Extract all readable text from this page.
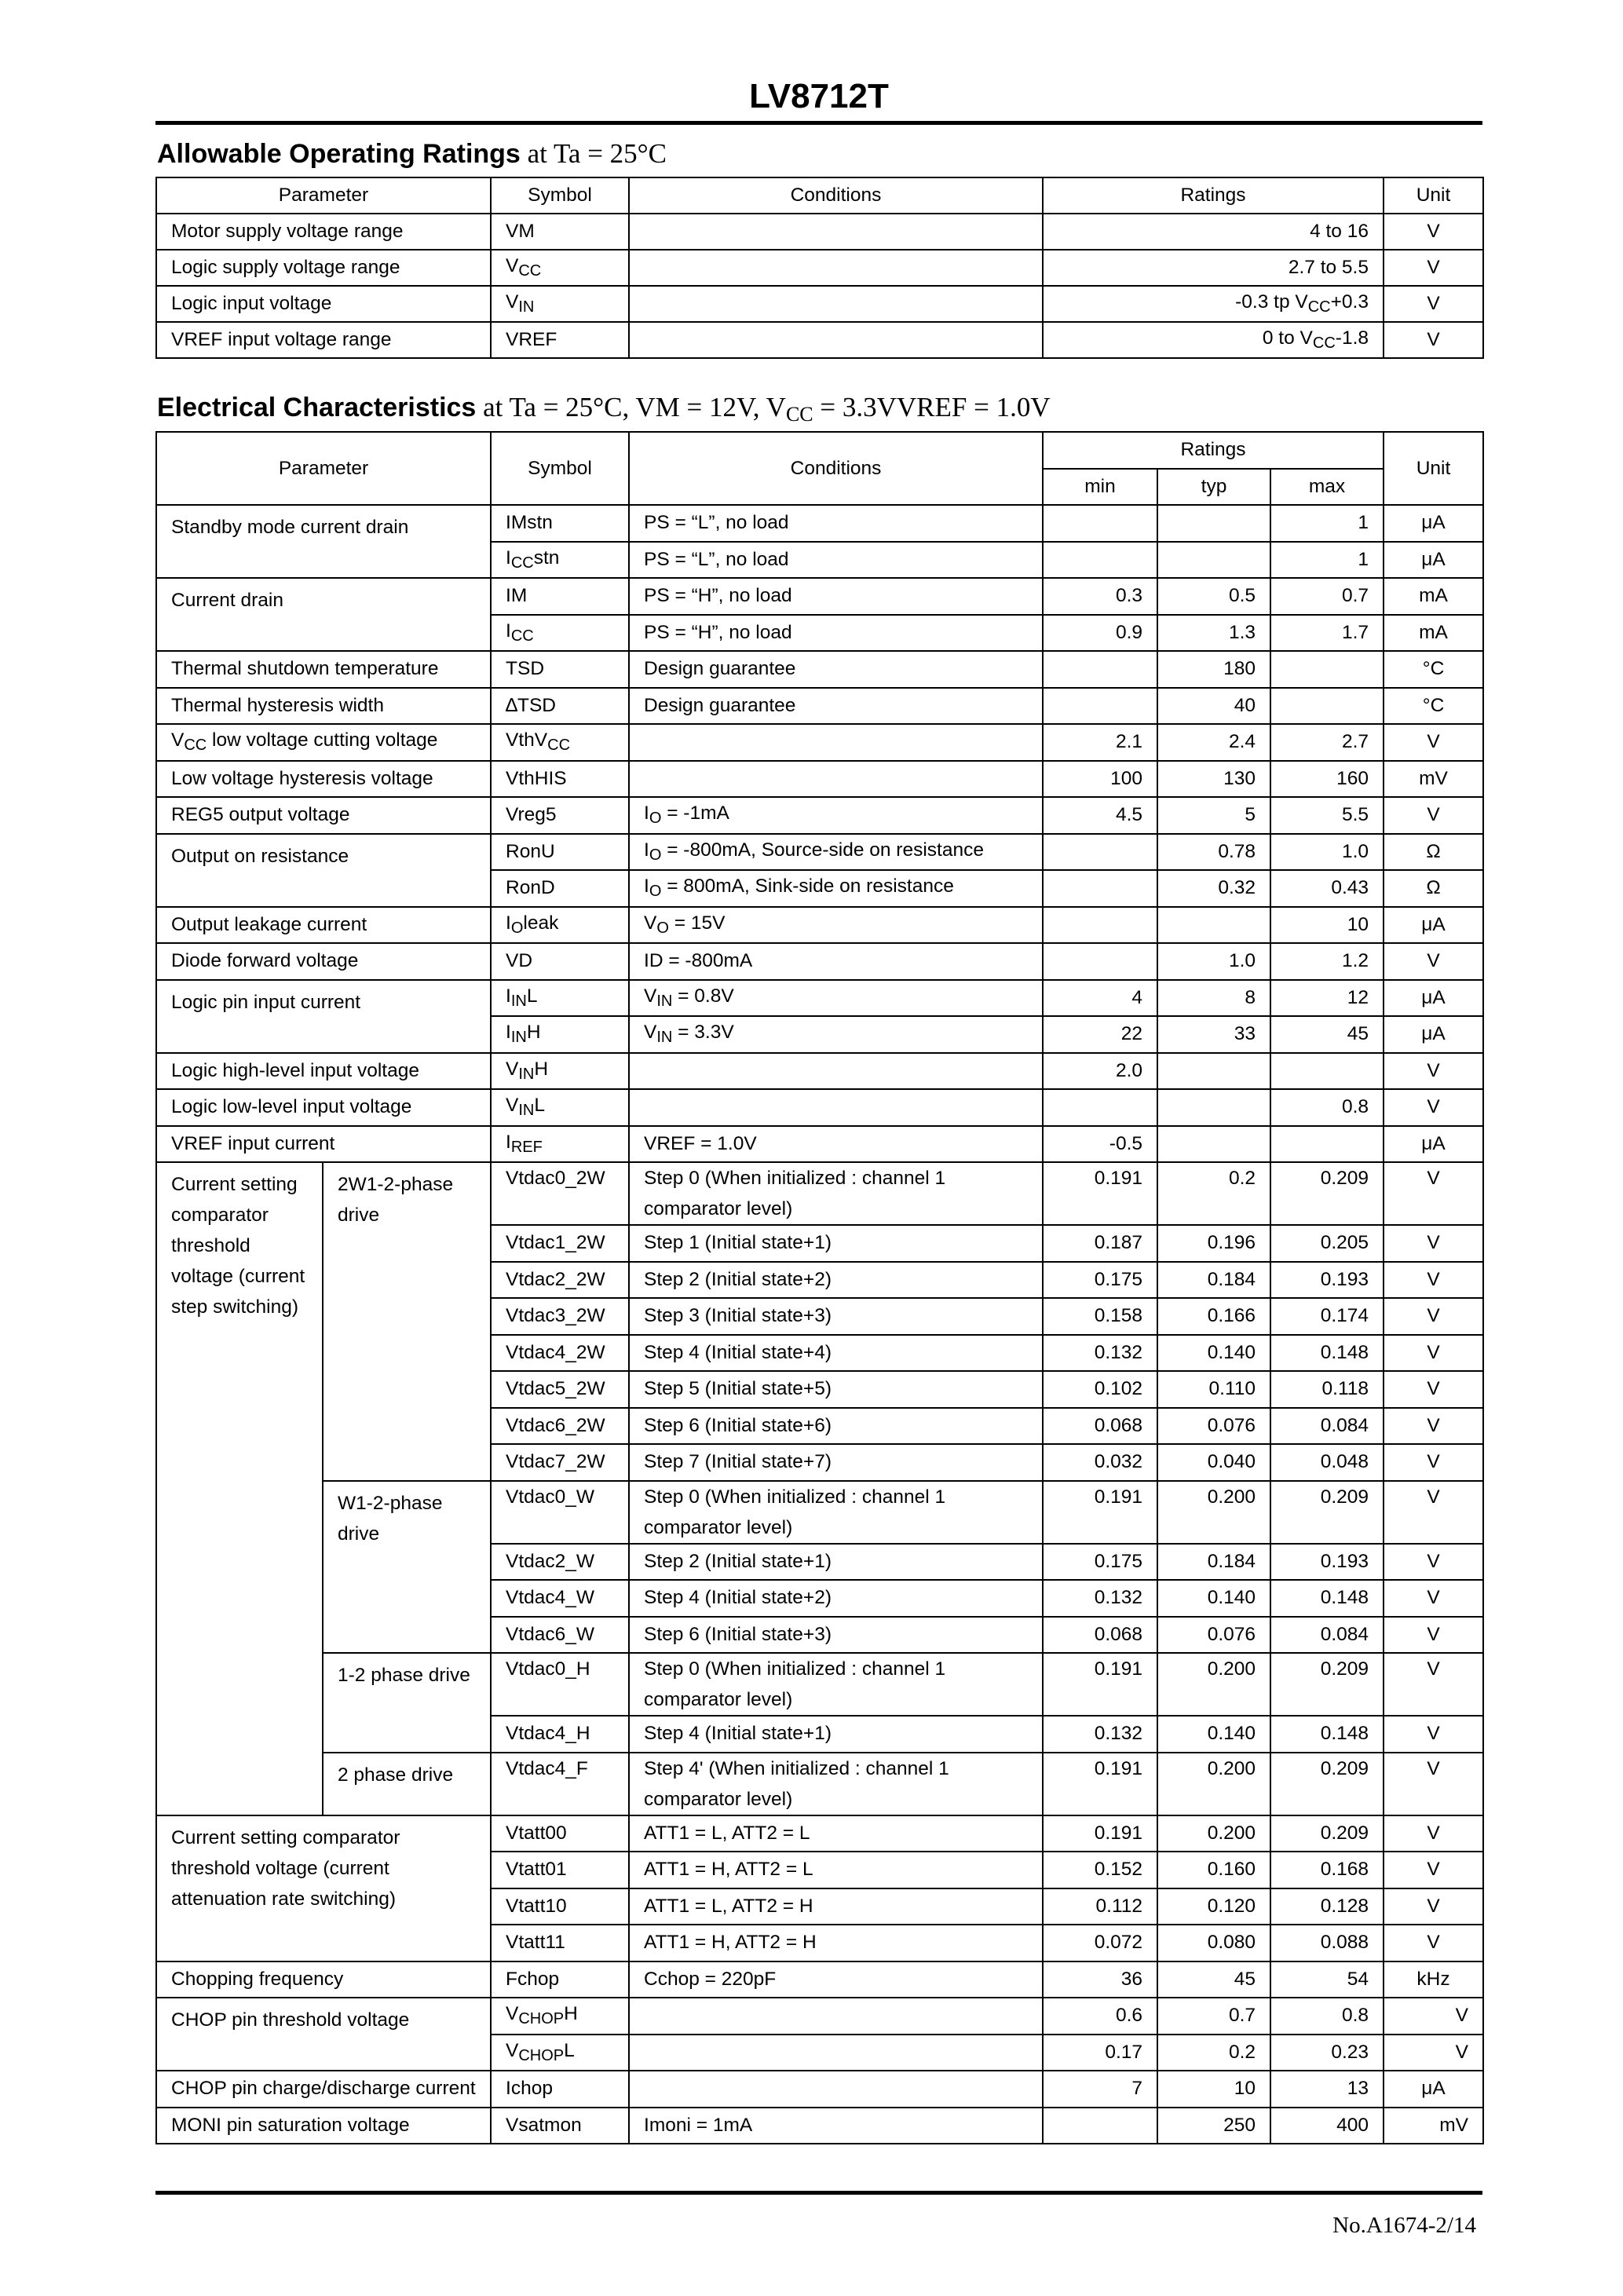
LV8712T
Allowable Operating Ratings at Ta = 25°C
Parameter	Symbol	Conditions	Ratings	Unit
Motor supply voltage range	VM		4 to 16	V
Logic supply voltage range	$V_{CC}$		2.7 to 5.5	V
Logic input voltage	$V_{IN}$		-0.3 tp $V_{CC}+0.3$	V
VREF input voltage range	VREF		0 to $V_{CC}-1.8$	V
Electrical Characteristics at Ta = 25°C, VM = 12V, $V_{CC}$ = 3.3VVREF = 1.0V
Parameter		Symbol	Conditions	Ratings			Unit
				min	typ	max	
Standby mode current drain		IMstn	PS = “L”, no load			1	μA
		$I_{CC}stn$	PS = “L”, no load			1	μA
Current drain		IM	PS = “H”, no load	0.3	0.5	0.7	mA
		$I_{CC}$	PS = “H”, no load	0.9	1.3	1.7	mA
Thermal shutdown temperature		TSD	Design guarantee		180		°C
Thermal hysteresis width		∆TSD	Design guarantee		40		°C
$V_{CC}$ low voltage cutting voltage		VthV$_{CC}$		2.1	2.4	2.7	V
Low voltage hysteresis voltage		VthHIS		100	130	160	mV
REG5 output voltage		Vreg5	$I_O = -1mA$	4.5	5	5.5	V
Output on resistance		RonU	$I_O = -800mA$, Source-side on resistance		0.78	1.0	Ω
		RonD	$I_O = 800mA$, Sink-side on resistance		0.32	0.43	Ω
Output leakage current		$I_Oleak$	$V_O = 15V$			10	μA
Diode forward voltage		VD	ID = -800mA		1.0	1.2	V
Logic pin input current		$I_{IN}L$	$V_{IN} = 0.8V$	4	8	12	μA
		$I_{IN}H$	$V_{IN} = 3.3V$	22	33	45	μA
Logic high-level input voltage		$V_{IN}H$		2.0			V
Logic low-level input voltage		$V_{IN}L$				0.8	V
VREF input current		$I_{REF}$	VREF = 1.0V	-0.5			μA
Current setting comparator threshold voltage (current step switching)	2W1-2-phase drive	Vtdac0_2W	Step 0 (When initialized : channel 1 comparator level)	0.191	0.2	0.209	V
		Vtdac1_2W	Step 1 (Initial state+1)	0.187	0.196	0.205	V
		Vtdac2_2W	Step 2 (Initial state+2)	0.175	0.184	0.193	V
		Vtdac3_2W	Step 3 (Initial state+3)	0.158	0.166	0.174	V
		Vtdac4_2W	Step 4 (Initial state+4)	0.132	0.140	0.148	V
		Vtdac5_2W	Step 5 (Initial state+5)	0.102	0.110	0.118	V
		Vtdac6_2W	Step 6 (Initial state+6)	0.068	0.076	0.084	V
		Vtdac7_2W	Step 7 (Initial state+7)	0.032	0.040	0.048	V
	W1-2-phase drive	Vtdac0_W	Step 0 (When initialized : channel 1 comparator level)	0.191	0.200	0.209	V
		Vtdac2_W	Step 2 (Initial state+1)	0.175	0.184	0.193	V
		Vtdac4_W	Step 4 (Initial state+2)	0.132	0.140	0.148	V
		Vtdac6_W	Step 6 (Initial state+3)	0.068	0.076	0.084	V
	1-2 phase drive	Vtdac0_H	Step 0 (When initialized : channel 1 comparator level)	0.191	0.200	0.209	V
		Vtdac4_H	Step 4 (Initial state+1)	0.132	0.140	0.148	V
	2 phase drive	Vtdac4_F	Step 4' (When initialized : channel 1 comparator level)	0.191	0.200	0.209	V
Current setting comparator threshold voltage (current attenuation rate switching)		Vtatt00	ATT1 = L, ATT2 = L	0.191	0.200	0.209	V
		Vtatt01	ATT1 = H, ATT2 = L	0.152	0.160	0.168	V
		Vtatt10	ATT1 = L, ATT2 = H	0.112	0.120	0.128	V
		Vtatt11	ATT1 = H, ATT2 = H	0.072	0.080	0.088	V
Chopping frequency		Fchop	Cchop = 220pF	36	45	54	kHz
CHOP pin threshold voltage		$V_{CHOP}H$		0.6	0.7	0.8	V
		$V_{CHOP}L$		0.17	0.2	0.23	V
CHOP pin charge/discharge current		Ichop		7	10	13	μA
MONI pin saturation voltage		Vsatmon	Imoni = 1mA		250	400	mV
No.A1674-2/14
